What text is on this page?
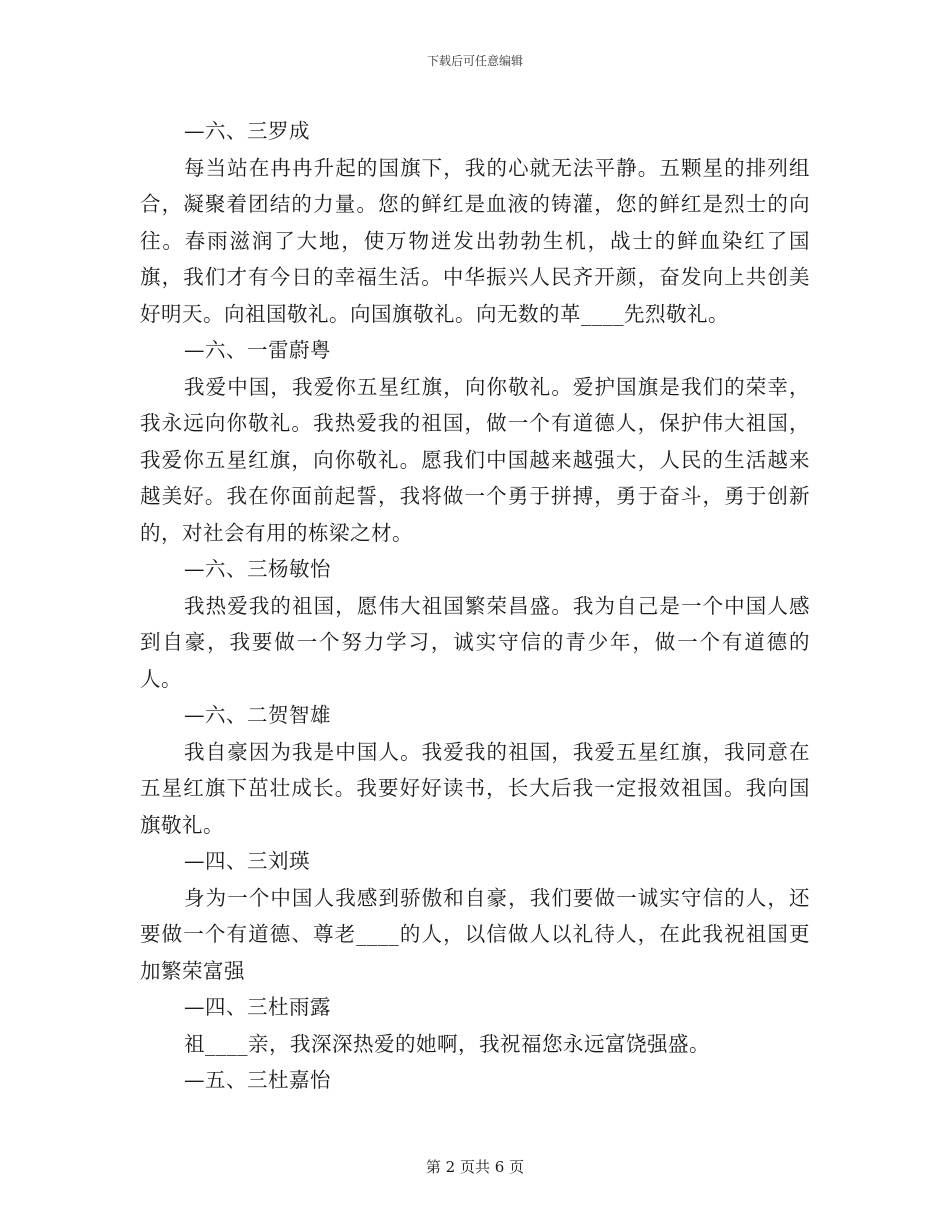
下载后可任意编辑

—六、三罗成

每当站在冉冉升起的国旗下，我的心就无法平静。五颗星的排列组合，凝聚着团结的力量。您的鲜红是血液的铸灌，您的鲜红是烈士的向往。春雨滋润了大地，使万物迸发出勃勃生机，战士的鲜血染红了国旗，我们才有今日的幸福生活。中华振兴人民齐开颜，奋发向上共创美好明天。向祖国敬礼。向国旗敬礼。向无数的革____先烈敬礼。

—六、一雷蔚粤

我爱中国，我爱你五星红旗，向你敬礼。爱护国旗是我们的荣幸，我永远向你敬礼。我热爱我的祖国，做一个有道德人，保护伟大祖国，我爱你五星红旗，向你敬礼。愿我们中国越来越强大，人民的生活越来越美好。我在你面前起誓，我将做一个勇于拼搏，勇于奋斗，勇于创新的，对社会有用的栋梁之材。

—六、三杨敏怡

我热爱我的祖国，愿伟大祖国繁荣昌盛。我为自己是一个中国人感到自豪，我要做一个努力学习，诚实守信的青少年，做一个有道德的人。

—六、二贺智雄

我自豪因为我是中国人。我爱我的祖国，我爱五星红旗，我同意在五星红旗下茁壮成长。我要好好读书，长大后我一定报效祖国。我向国旗敬礼。

—四、三刘瑛

身为一个中国人我感到骄傲和自豪，我们要做一诚实守信的人，还要做一个有道德、尊老____的人，以信做人以礼待人，在此我祝祖国更加繁荣富强

—四、三杜雨露

祖____亲，我深深热爱的她啊，我祝福您永远富饶强盛。

—五、三杜嘉怡

第 2 页共 6 页
